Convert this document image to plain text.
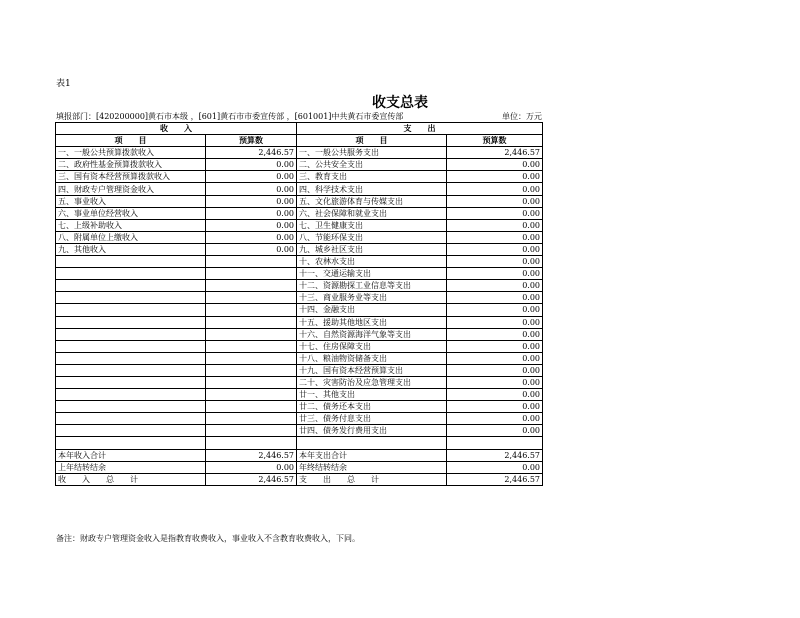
表1
收支总表
填报部门：[420200000]黄石市本级 ，[601]黄石市市委宣传部 ，[601001]中共黄石市委宣传部	单位：万元
收　　入		支　　出	
项　　目	预算数	项　　目	预算数
一、一般公共预算拨款收入	2,446.57	一、一般公共服务支出	2,446.57
二、政府性基金预算拨款收入	0.00	二、公共安全支出	0.00
三、国有资本经营预算拨款收入	0.00	三、教育支出	0.00
四、财政专户管理资金收入	0.00	四、科学技术支出	0.00
五、事业收入	0.00	五、文化旅游体育与传媒支出	0.00
六、事业单位经营收入	0.00	六、社会保障和就业支出	0.00
七、上级补助收入	0.00	七、卫生健康支出	0.00
八、附属单位上缴收入	0.00	八、节能环保支出	0.00
九、其他收入	0.00	九、城乡社区支出	0.00
		十、农林水支出	0.00
		十一、交通运输支出	0.00
		十二、资源勘探工业信息等支出	0.00
		十三、商业服务业等支出	0.00
		十四、金融支出	0.00
		十五、援助其他地区支出	0.00
		十六、自然资源海洋气象等支出	0.00
		十七、住房保障支出	0.00
		十八、粮油物资储备支出	0.00
		十九、国有资本经营预算支出	0.00
		二十、灾害防治及应急管理支出	0.00
		廿一、其他支出	0.00
		廿二、债务还本支出	0.00
		廿三、债务付息支出	0.00
		廿四、债务发行费用支出	0.00

本年收入合计	2,446.57	本年支出合计	2,446.57
上年结转结余	0.00	年终结转结余	0.00
收　　入　　总　　计	2,446.57	支　　出　　总　　计	2,446.57
备注：财政专户管理资金收入是指教育收费收入，事业收入不含教育收费收入，下同。
